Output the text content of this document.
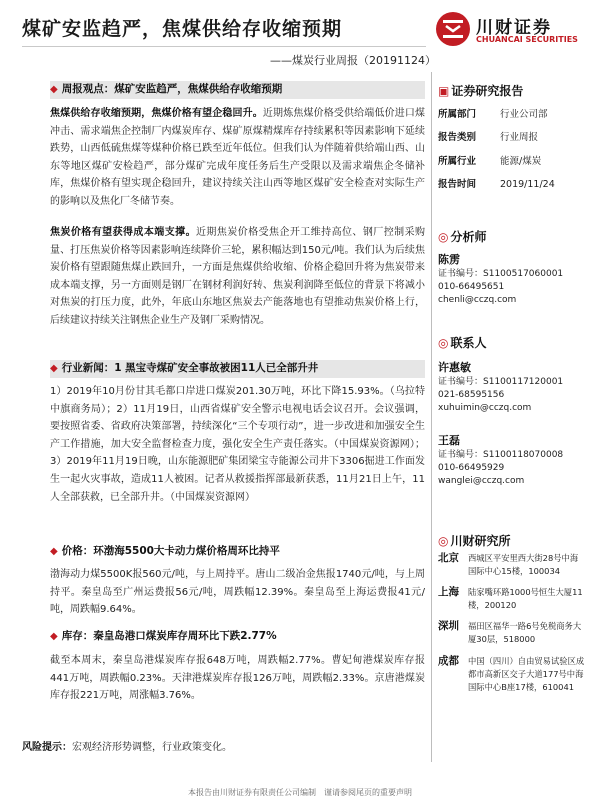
煤矿安监趋严，焦煤供给存收缩预期
——煤炭行业周报（20191124）
川财证券
CHUANCAI SECURITIES
◆ 周报观点：煤矿安监趋严，焦煤供给存收缩预期
焦煤供给存收缩预期，焦煤价格有望企稳回升。近期炼焦煤价格受供给端低价进口煤冲击、需求端焦企控制厂内煤炭库存、煤矿原煤精煤库存持续累积等因素影响下延续跌势，山西低硫焦煤等煤种价格已跌至近年低位。但我们认为伴随着供给端山西、山东等地区煤矿安检趋严，部分煤矿完成年度任务后生产受限以及需求端焦企冬储补库，焦煤价格有望实现企稳回升，建议持续关注山西等地区煤矿安全检查对实际生产的影响以及焦化厂冬储节奏。
焦炭价格有望获得成本端支撑。近期焦炭价格受焦企开工维持高位、钢厂控制采购量、打压焦炭价格等因素影响连续降价三轮，累积幅达到150元/吨。我们认为后续焦炭价格有望跟随焦煤止跌回升，一方面是焦煤供给收缩、价格企稳回升将为焦炭带来成本端支撑，另一方面则是钢厂在钢材利润好转、焦炭利润降至低位的背景下将减小对焦炭的打压力度，此外，年底山东地区焦炭去产能落地也有望推动焦炭价格上行，后续建议持续关注钢焦企业生产及钢厂采购情况。
◆ 行业新闻：1 黑宝寺煤矿安全事故被困11人已全部升井
1）2019年10月份甘其毛都口岸进口煤炭201.30万吨，环比下降15.93%。（乌拉特中旗商务局）；2）11月19日，山西省煤矿安全警示电视电话会议召开。会议强调，要按照省委、省政府决策部署，持续深化“三个专项行动”，进一步改进和加强安全生产工作措施，加大安全监督检查力度，强化安全生产责任落实。（中国煤炭资源网）；3）2019年11月19日晚，山东能源肥矿集团梁宝寺能源公司井下3306掘进工作面发生一起火灾事故，造成11人被困。记者从救援指挥部最新获悉，11月21日上午，11人全部获救，已全部升井。（中国煤炭资源网）
◆ 价格：环渤海5500大卡动力煤价格周环比持平
渤海动力煤5500K报560元/吨，与上周持平。唐山二级冶金焦报1740元/吨，与上周持平。秦皇岛至广州运费报56元/吨，周跌幅12.39%。秦皇岛至上海运费报41元/吨，周跌幅9.64%。
◆ 库存：秦皇岛港口煤炭库存周环比下跌2.77%
截至本周末，秦皇岛港煤炭库存报648万吨，周跌幅2.77%。曹妃甸港煤炭库存报441万吨，周跌幅0.23%。天津港煤炭库存报126万吨，周跌幅2.33%。京唐港煤炭库存报221万吨，周涨幅3.76%。
风险提示：宏观经济形势调整，行业政策变化。
▣ 证券研究报告
所属部门	行业公司部
报告类别	行业周报
所属行业	能源/煤炭
报告时间	2019/11/24
◎ 分析师
陈雳
证书编号：S1100517060001
010-66495651
chenli@cczq.com
◎ 联系人
许惠敏
证书编号：S1100117120001
021-68595156
xuhuimin@cczq.com
王磊
证书编号：S1100118070008
010-66495929
wanglei@cczq.com
◎ 川财研究所
北京 西城区平安里西大街28号中海国际中心15楼，100034
上海 陆家嘴环路1000号恒生大厦11楼，200120
深圳 福田区福华一路6号免税商务大厦30层，518000
成都 中国（四川）自由贸易试验区成都市高新区交子大道177号中海国际中心B座17楼，610041
本报告由川财证券有限责任公司编制　谨请参阅尾页的重要声明
